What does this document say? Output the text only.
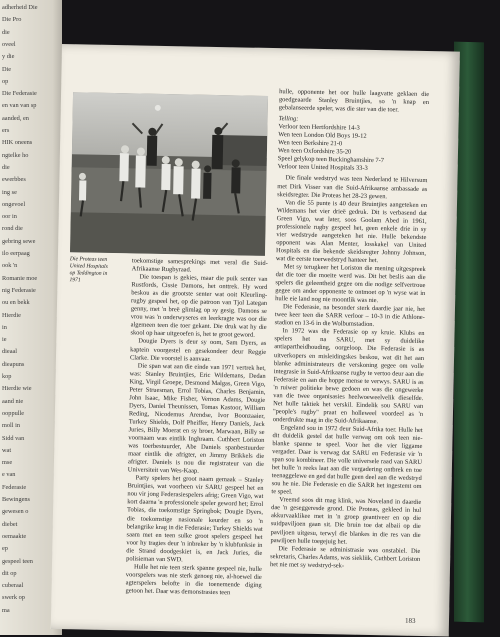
adherheid Die
Die Pro
die
oveel
y die
Die
op
Die Federasie
en van van sp
aanded, en
ers
HIK oneens
ngtelke ho
die
ewerbbes
ing se
ongevoel
oor in
rond die
gebring sewe
ilo eerpaag
ook 'n
Romanie moe
nig Federasie
ou en bekk
Hierdie
in
ie
dieaal
dieapuns
kop
Hierdie wie
aand nie
ooppulle
moll in
Sidd van
wat
mse
e van
Federasie
Bewingens
gewesen o
diebet
oemaakte
ep
gespeel teen
dit op
cuberaal
swerk op
ma
Die Proteas teen United Hospitals op Teddington in 1971

toekomstige samesprekings met veral die Suid-Afrikaanse Rugbyraad.

Die toespan is gekies, maar die puik senter van Rustfords, Cissie Damons, het onttrek. Hy word beskou as die grootste senter wat ooit Kleurling-rugby gespeel het, op die patroon van Tjol Lategan genny, met 'n breë glimlag op sy gesig. Damons se vrou was 'n onderwyseres en leerkragte was oor die algemeen teen die toer gekant. Die druk wat hy die skool op haar uitgeoefen is, het te groot geword.

Dougie Dyers is deur sy oom, Sam Dyers, as kaptein voorgestel en gesekondeer deur Reggie Clarke. Die voorstel is aanvaar.

Die span wat aan die einde van 1971 vertrek het, was: Stanley Bruintjies, Eric Wildemans, Dedan King, Virgil Groepe, Desmond Malgas, Green Vigo, Peter Struesman, Errol Tobias, Charles Benjamin, John Isaac, Mike Fisher, Vernon Adams, Dougie Dyers, Daniel Theunissen, Tomas Kastoor, William Reding, Nicodemus Arendse, Ivor Boonzaaier, Turkey Shields, Dolf Pheiffer, Henry Daniels, Jack Juries, Billy Moerat en sy broer, Marwaan, Billy se voornaam was eintlik Inghraam. Cuthbert Loriston was toerbestuurder, Abe Daniels spanbestuurder maar eintlik die afrigter, en Jimmy Brikkels die afrigter. Daniels is nou die registrateur van die Universiteit van Wes-Kaap.

Party spelers het groot naam gemaak – Stanley Bruintjies, wat voorheen vir SARU gespeel het en nou vir jong Federasiespelers afrig; Green Vigo, wat kort daarna 'n professionele speler geword het; Errol Tobias, die toekomstige Springbok; Dougie Dyers, die toekomstige nasionale keurder en so 'n belangrike krag in die Federasie; Turkey Shields wat saam met en teen sulke groot spelers gespeel het voor hy tragies deur 'n inbreker by 'n klubfunksie in die Strand doodgeskiet is, en Jack Juries, die polisieman van SWD.

Hulle het nie teen sterk spanne gespeel nie, hulle voorspelers was nie sterk genoeg nie, al-hoewel die agterspelers belofte in die toenemende diging getoon het. Daar was demonstrasies teen

hulle, opponente het oor hulle laagvatte geklaen die goedgeaarde Stanley Bruintjies, so 'n knap en gebalanseerde speler, was die ster van die toer.

Telling:
Verloor teen Hertfordshire 14-3
Wen teen London Old Boys 19-12
Wen teen Berkshire 21-0
Wen teen Oxfordshire 35-20
Speel gelykop teen Buckinghamshire 7-7
Verloor teen United Hospitals 33-3

Die finale wedstryd was teen Nederland te Hilversum met Dirk Visser van die Suid-Afrikaanse ambassade as skeidsregter. Die Proteas het 28-23 gewen.

Van die 55 punte is 40 deur Bruintjies aangeteken en Wildemans het vier drieë gedruk. Dit is verbasend dat Green Vigo, wat later, soos Goolam Abed in 1961, professionele rugby gespeel het, geen enkele drie in sy vier wedstryde aangeteken het nie. Hulle bekendste opponent was Alan Menter, losskakel van United Hospitals en die bekende skeidsregter Johnny Johnson, wat die eerste toerwedstryd hanteer het.

Met sy terugkeer het Loriston die mening uitgespreek dat die toer die moeite werd was. Dit het beslis aan die spelers die geleentheid gegee om die nodige selfvertroue gegee om ander opponente te ontmoet op 'n wyse wat in hulle eie land nog nie moontlik was nie.

Die Federasie, na besonder sterk daardie jaar nie, het twee keer teen die SARR verloor – 10-3 in die Athlone-stadion en 13-6 in die Wolbumstadion.

In 1972 was die Federasie op sy kruie. Klubs en spelers het na SARU, met sy duidelike antiapartheidhouding, oorgeloop. Die Federasie is as uitverkopers en misleidingskes beskou, wat dit het aan blanke administrateurs die verskoning gegee om volle integrasie in Suid-Afrikaanse rugby te vertoo deur aan die Federasie en aan die hoppe mense te verwys. SARU is as 'n ruiwer politieke bewe gedoen en was die ongewerke van die twee organisasies heelwoeweelvelik dieselfde. Net hulle taktiek het verskil. Eindelik sou SARU van "people's rugby" praat en holleweel voordeel as 'n onderdrukte mag in die Suid-Afrikaanse.

Engeland sou in 1972 deur Suid-Afrika toer. Hulle het dit duidelik gestel dat hulle verwag om ook teen nie-blanke spanne te speel. Voor het die vier liggame vergader. Daar is verwag dat SARU en Federasie vir 'n span sou kombineer. Die volle universele raad van SARU het hulle 'n reeks laat aan die vergadering ontbrek en toe teenaggelewe en ged dat hulle geen deel aan die wedstryd sou he nie. Die Federasie en die SARR het ingestemt om te speel.

Vreemd soos dit mag klink, was Noveland in daardie dae 'n geseggeresde grond. Die Proteas, gekleed in hul akkurvaaklikee met in 'n groep geantiveer en op die suidpaviljoen gaan sit. Die bruin toe dat albaii op die paviljoen uitgesu, terwyl die blankes in die res van die pawiljoen hulle toegejuig het.

Die Federasie se administrasie was onstabiel. Die sekretaris, Charles Adams, was siekliik, Cuthbert Loriston het nie met sy wedstryd-sek-

183
